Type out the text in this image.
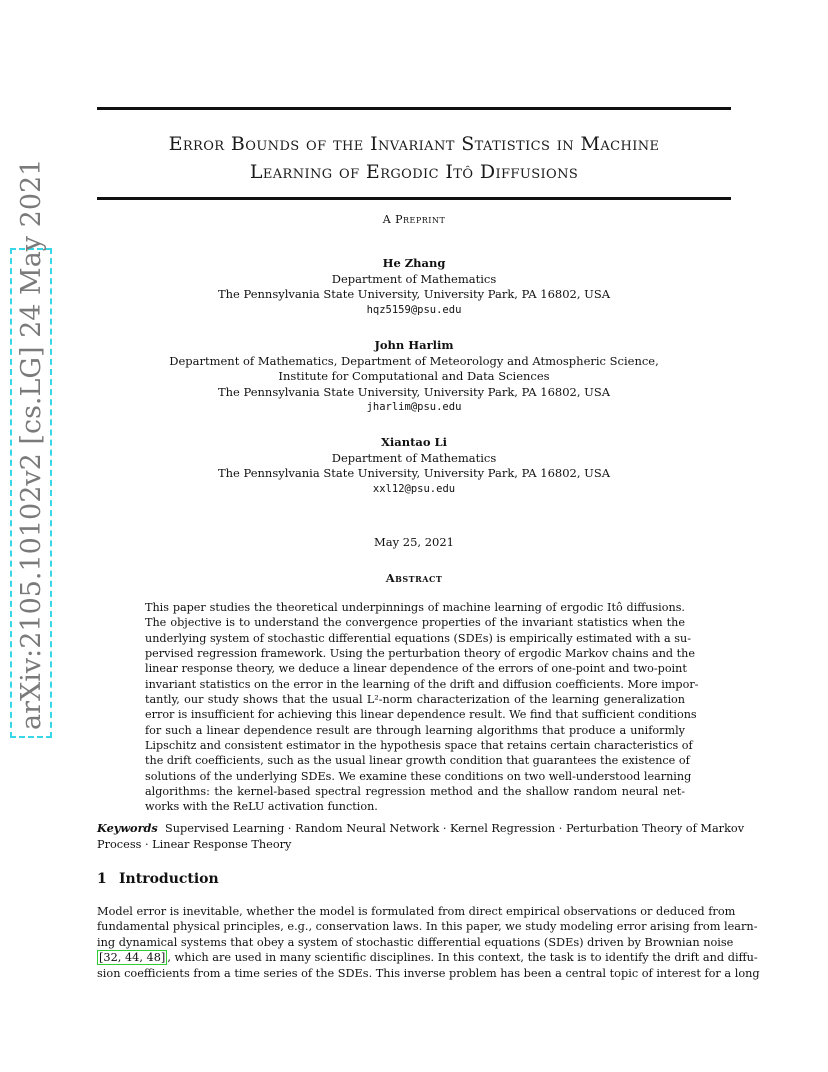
arXiv:2105.10102v2 [cs.LG] 24 May 2021
Error Bounds of the Invariant Statistics in Machine
Learning of Ergodic Itô Diffusions
A Preprint
He Zhang
Department of Mathematics
The Pennsylvania State University, University Park, PA 16802, USA
hqz5159@psu.edu
John Harlim
Department of Mathematics, Department of Meteorology and Atmospheric Science,
Institute for Computational and Data Sciences
The Pennsylvania State University, University Park, PA 16802, USA
jharlim@psu.edu
Xiantao Li
Department of Mathematics
The Pennsylvania State University, University Park, PA 16802, USA
xxl12@psu.edu
May 25, 2021
Abstract
This paper studies the theoretical underpinnings of machine learning of ergodic Itô diffusions.
The objective is to understand the convergence properties of the invariant statistics when the
underlying system of stochastic differential equations (SDEs) is empirically estimated with a su-
pervised regression framework. Using the perturbation theory of ergodic Markov chains and the
linear response theory, we deduce a linear dependence of the errors of one-point and two-point
invariant statistics on the error in the learning of the drift and diffusion coefficients. More impor-
tantly, our study shows that the usual L²-norm characterization of the learning generalization
error is insufficient for achieving this linear dependence result. We find that sufficient conditions
for such a linear dependence result are through learning algorithms that produce a uniformly
Lipschitz and consistent estimator in the hypothesis space that retains certain characteristics of
the drift coefficients, such as the usual linear growth condition that guarantees the existence of
solutions of the underlying SDEs. We examine these conditions on two well-understood learning
algorithms: the kernel-based spectral regression method and the shallow random neural net-
works with the ReLU activation function.
Keywords Supervised Learning · Random Neural Network · Kernel Regression · Perturbation Theory of Markov
Process · Linear Response Theory
1 Introduction
Model error is inevitable, whether the model is formulated from direct empirical observations or deduced from
fundamental physical principles, e.g., conservation laws. In this paper, we study modeling error arising from learn-
ing dynamical systems that obey a system of stochastic differential equations (SDEs) driven by Brownian noise
[32, 44, 48] , which are used in many scientific disciplines. In this context, the task is to identify the drift and diffu-
sion coefficients from a time series of the SDEs. This inverse problem has been a central topic of interest for a long
